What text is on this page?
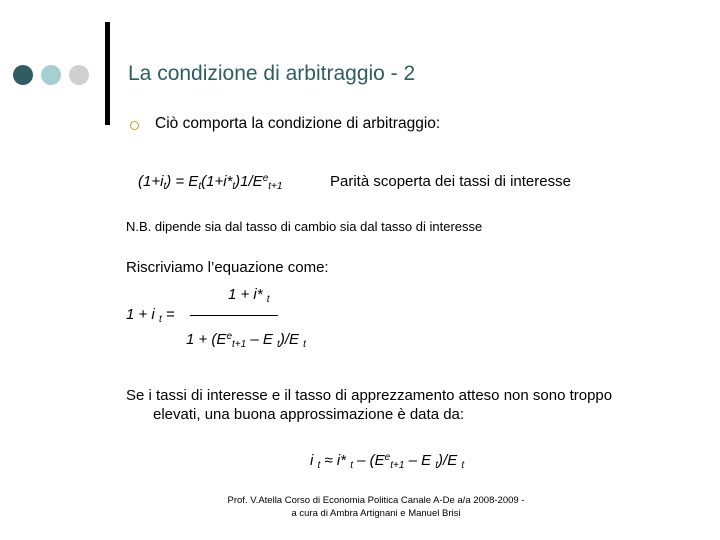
La condizione di arbitraggio - 2
Ciò comporta la condizione di arbitraggio:
$(1+i_t) = E_t(1+i*_t)1/E^e_{t+1}$	Parità scoperta dei tassi di interesse
N.B. dipende sia dal tasso di cambio sia dal tasso di interesse
Riscriviamo l’equazione come:
1 + i* $_t$
1 + i $_t$ =
$1 + (E^e_{t+1} - E$ $_t$)/E $_t$
Se i tassi di interesse e il tasso di apprezzamento atteso non sono troppo
elevati, una buona approssimazione è data da:
i $_t$ ≈ i* $_t - (E^e_{t+1}$ – E $_t$)/E $_t$
Prof. V.Atella Corso di Economia Politica Canale A-De a/a 2008-2009 -
a cura di Ambra Artignani e Manuel Brisi
